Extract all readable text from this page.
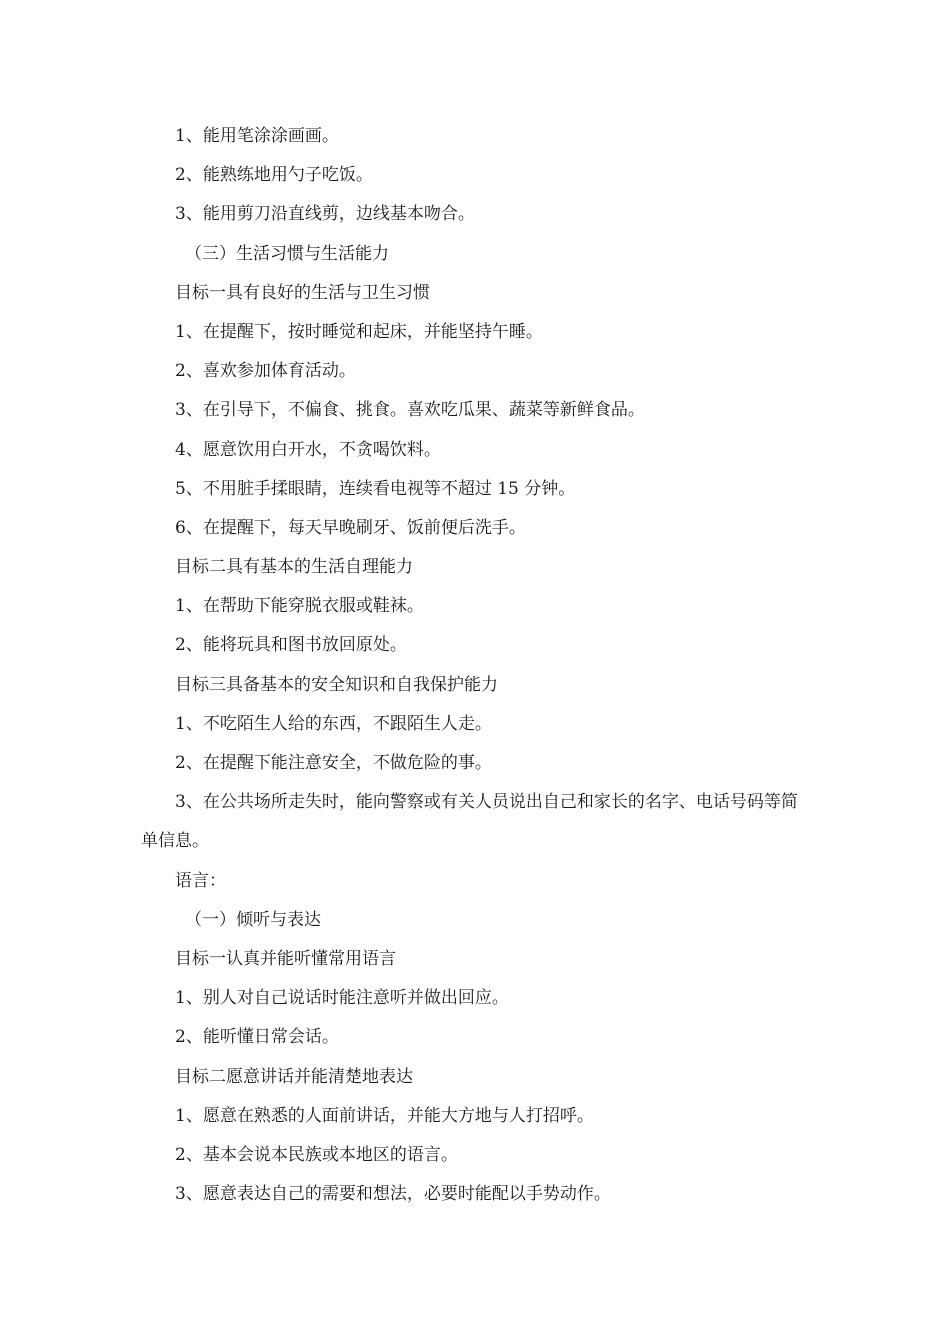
1、能用笔涂涂画画。
2、能熟练地用勺子吃饭。
3、能用剪刀沿直线剪，边线基本吻合。
（三）生活习惯与生活能力
目标一具有良好的生活与卫生习惯
1、在提醒下，按时睡觉和起床，并能坚持午睡。
2、喜欢参加体育活动。
3、在引导下，不偏食、挑食。喜欢吃瓜果、蔬菜等新鲜食品。
4、愿意饮用白开水，不贪喝饮料。
5、不用脏手揉眼睛，连续看电视等不超过 15 分钟。
6、在提醒下，每天早晚刷牙、饭前便后洗手。
目标二具有基本的生活自理能力
1、在帮助下能穿脱衣服或鞋袜。
2、能将玩具和图书放回原处。
目标三具备基本的安全知识和自我保护能力
1、不吃陌生人给的东西，不跟陌生人走。
2、在提醒下能注意安全，不做危险的事。
3、在公共场所走失时，能向警察或有关人员说出自己和家长的名字、电话号码等简单信息。
语言：
（一）倾听与表达
目标一认真并能听懂常用语言
1、别人对自己说话时能注意听并做出回应。
2、能听懂日常会话。
目标二愿意讲话并能清楚地表达
1、愿意在熟悉的人面前讲话，并能大方地与人打招呼。
2、基本会说本民族或本地区的语言。
3、愿意表达自己的需要和想法，必要时能配以手势动作。
